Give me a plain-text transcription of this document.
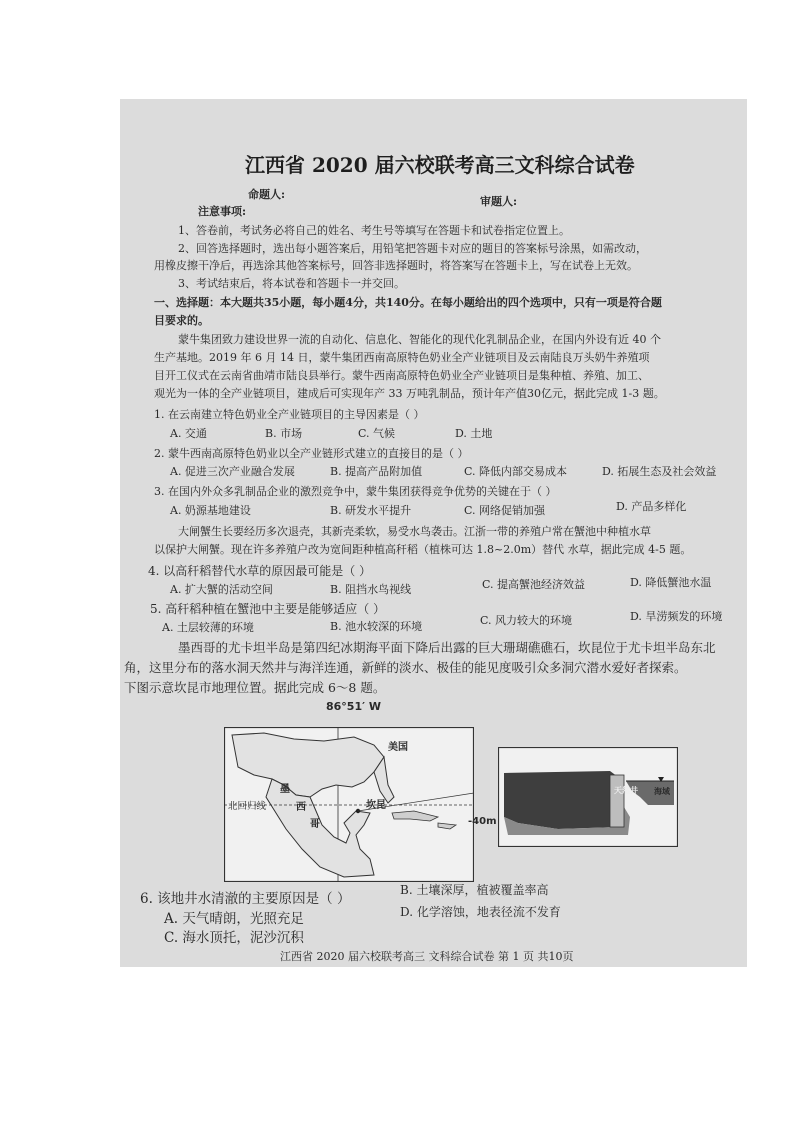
江西省 2020 届六校联考高三文科综合试卷
命题人:
审题人:
注意事项:
1、答卷前，考试务必将自己的姓名、考生号等填写在答题卡和试卷指定位置上。
2、回答选择题时，选出每小题答案后，用铅笔把答题卡对应的题目的答案标号涂黑，如需改动，
用橡皮擦干净后，再选涂其他答案标号，回答非选择题时，将答案写在答题卡上，写在试卷上无效。
3、考试结束后，将本试卷和答题卡一并交回。
一、选择题：本大题共35小题，每小题4分，共140分。在每小题给出的四个选项中，只有一项是符合题
目要求的。
蒙牛集团致力建设世界一流的自动化、信息化、智能化的现代化乳制品企业，在国内外设有近 40 个
生产基地。2019 年 6 月 14 日，蒙牛集团西南高原特色奶业全产业链项目及云南陆良万头奶牛养殖项
目开工仪式在云南省曲靖市陆良县举行。蒙牛西南高原特色奶业全产业链项目是集种植、养殖、加工、
观光为一体的全产业链项目，建成后可实现年产 33 万吨乳制品，预计年产值30亿元，据此完成 1-3 题。
1. 在云南建立特色奶业全产业链项目的主导因素是（ ）
A. 交通	B. 市场	C. 气候	D. 土地
2. 蒙牛西南高原特色奶业以全产业链形式建立的直接目的是（ ）
A. 促进三次产业融合发展	B. 提高产品附加值	C. 降低内部交易成本	D. 拓展生态及社会效益
3. 在国内外众多乳制品企业的激烈竞争中，蒙牛集团获得竞争优势的关键在于（ ）
A. 奶源基地建设	B. 研发水平提升	C. 网络促销加强	D. 产品多样化
大闸蟹生长要经历多次退壳，其新壳柔软，易受水鸟袭击。江浙一带的养殖户常在蟹池中种植水草
以保护大闸蟹。现在许多养殖户改为宽间距种植高秆稻（植株可达 1.8~2.0m）替代 水草，据此完成 4-5 题。
4. 以高秆稻替代水草的原因最可能是（ ）
A. 扩大蟹的活动空间	B. 阻挡水鸟视线	C. 提高蟹池经济效益	D. 降低蟹池水温
5. 高秆稻种植在蟹池中主要是能够适应（ ）
A. 土层较薄的环境	B. 池水较深的环境	C. 风力较大的环境	D. 旱涝频发的环境
墨西哥的尤卡坦半岛是第四纪冰期海平面下降后出露的巨大珊瑚礁礁石，坎昆位于尤卡坦半岛东北
角，这里分布的落水洞天然井与海洋连通，新鲜的淡水、极佳的能见度吸引众多洞穴潜水爱好者探索。
下图示意坎昆市地理位置。据此完成 6～8 题。
86°51′ W
美国
墨
西
哥
坎昆
北回归线
天然井 海域
-40m
6. 该地井水清澈的主要原因是（ ）
B. 土壤深厚，植被覆盖率高
A. 天气晴朗，光照充足	D. 化学溶蚀，地表径流不发育
C. 海水顶托，泥沙沉积
江西省 2020 届六校联考高三 文科综合试卷 第 1 页 共10页
